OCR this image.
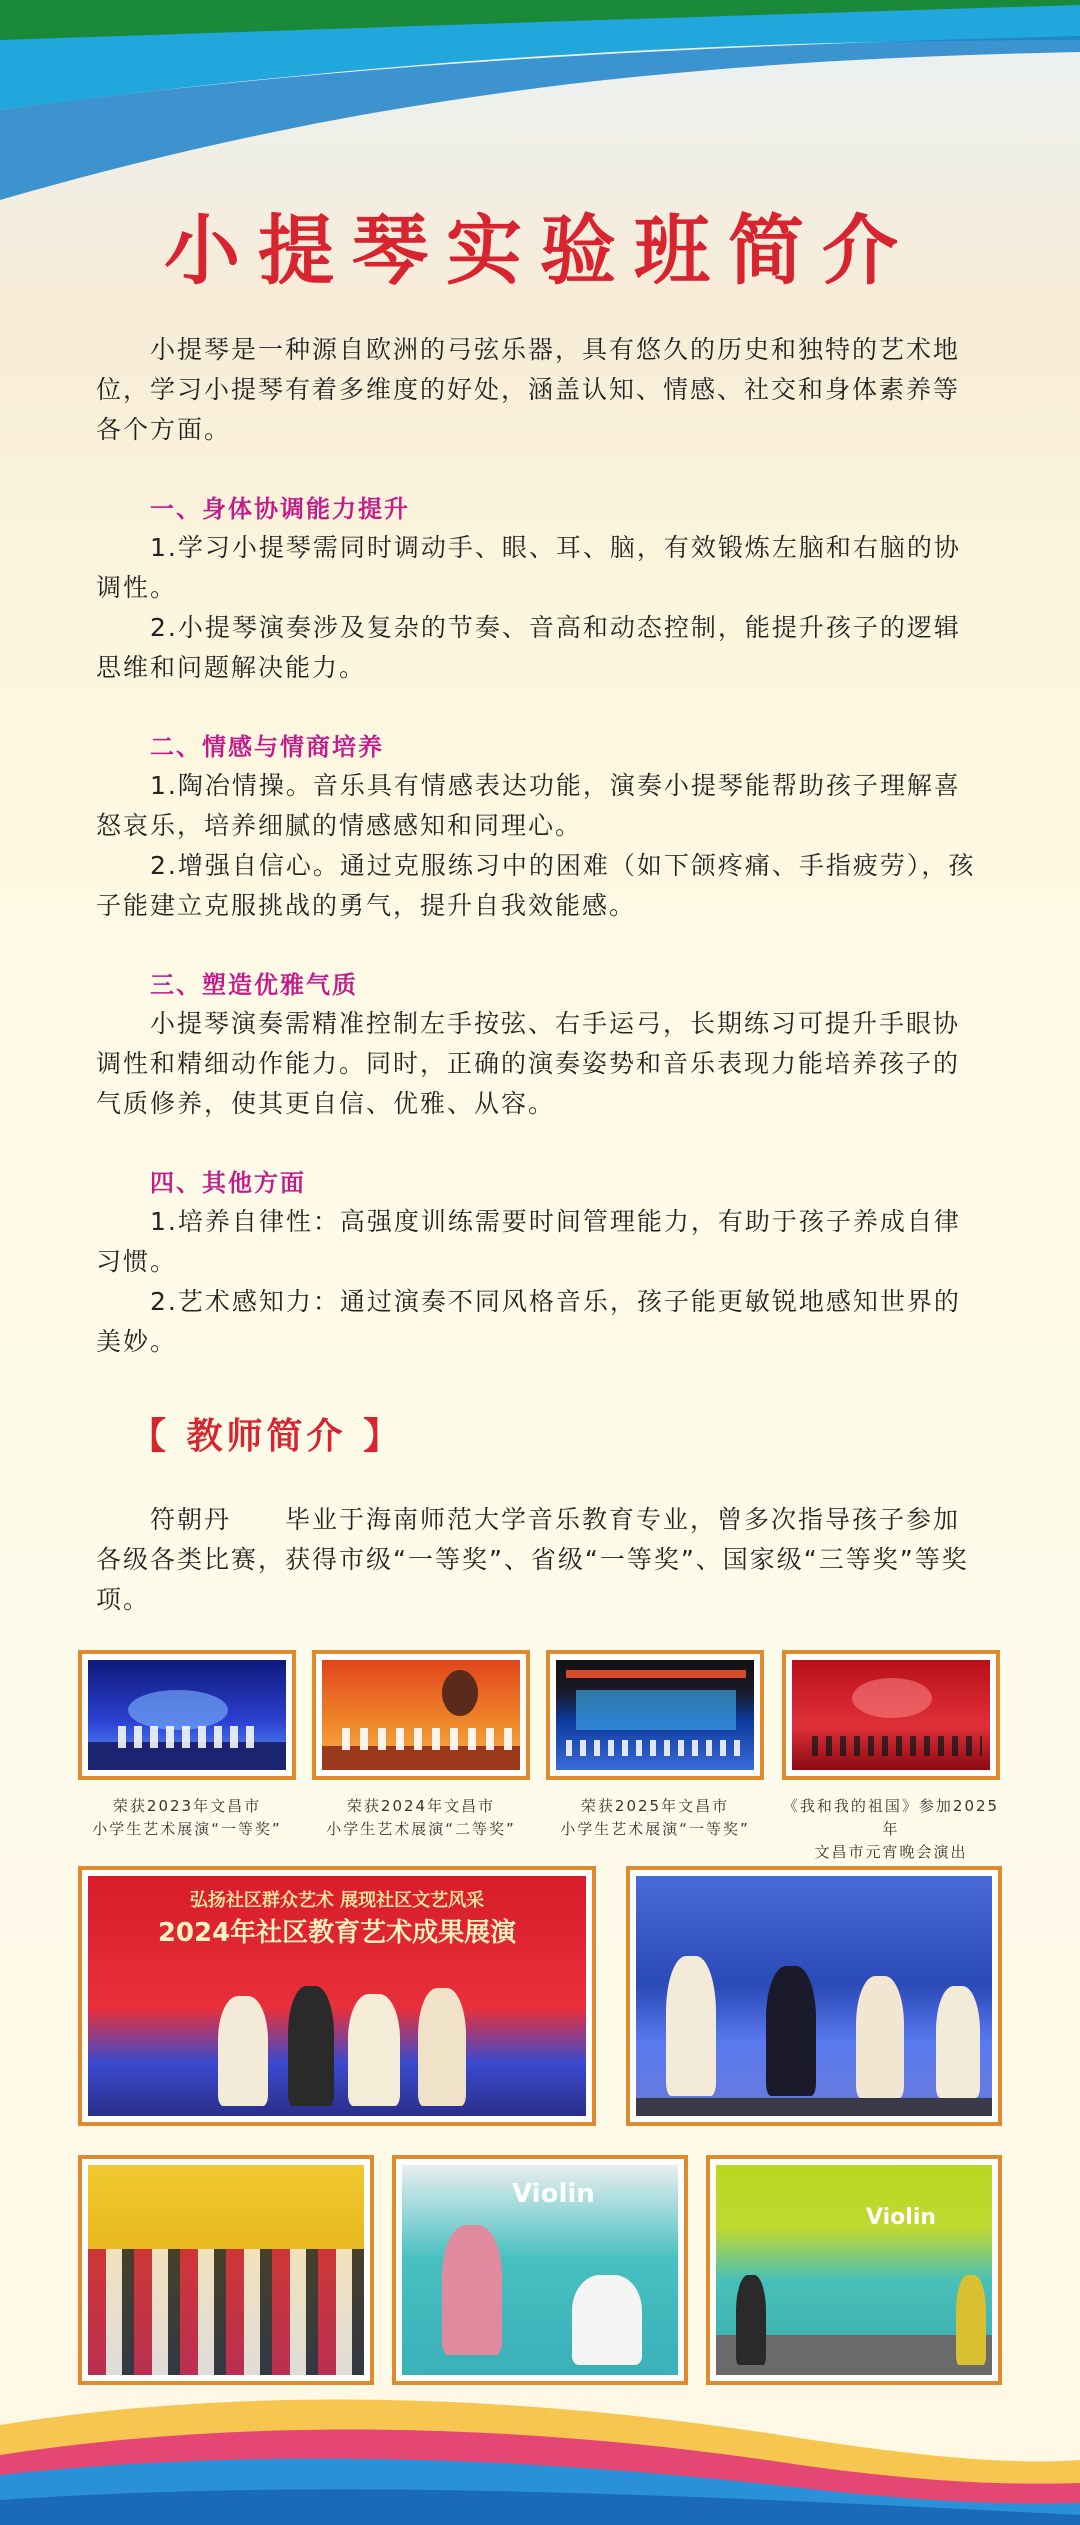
小提琴实验班简介

小提琴是一种源自欧洲的弓弦乐器，具有悠久的历史和独特的艺术地位，学习小提琴有着多维度的好处，涵盖认知、情感、社交和身体素养等各个方面。

一、身体协调能力提升

1.学习小提琴需同时调动手、眼、耳、脑，有效锻炼左脑和右脑的协调性。

2.小提琴演奏涉及复杂的节奏、音高和动态控制，能提升孩子的逻辑思维和问题解决能力。

二、情感与情商培养

1.陶冶情操。音乐具有情感表达功能，演奏小提琴能帮助孩子理解喜怒哀乐，培养细腻的情感感知和同理心。

2.增强自信心。通过克服练习中的困难（如下颌疼痛、手指疲劳），孩子能建立克服挑战的勇气，提升自我效能感。

三、塑造优雅气质

小提琴演奏需精准控制左手按弦、右手运弓，长期练习可提升手眼协调性和精细动作能力。同时，正确的演奏姿势和音乐表现力能培养孩子的气质修养，使其更自信、优雅、从容。

四、其他方面

1.培养自律性：高强度训练需要时间管理能力，有助于孩子养成自律习惯。

2.艺术感知力：通过演奏不同风格音乐，孩子能更敏锐地感知世界的美妙。

【 教师简介 】

符朝丹　　毕业于海南师范大学音乐教育专业，曾多次指导孩子参加各级各类比赛，获得市级“一等奖”、省级“一等奖”、国家级“三等奖”等奖项。

荣获2023年文昌市
小学生艺术展演“一等奖”

荣获2024年文昌市
小学生艺术展演“二等奖”

荣获2025年文昌市
小学生艺术展演“一等奖”

《我和我的祖国》参加2025年
文昌市元宵晚会演出

弘扬社区群众艺术 展现社区文艺风采
2024年社区教育艺术成果展演
Violin
Violin
